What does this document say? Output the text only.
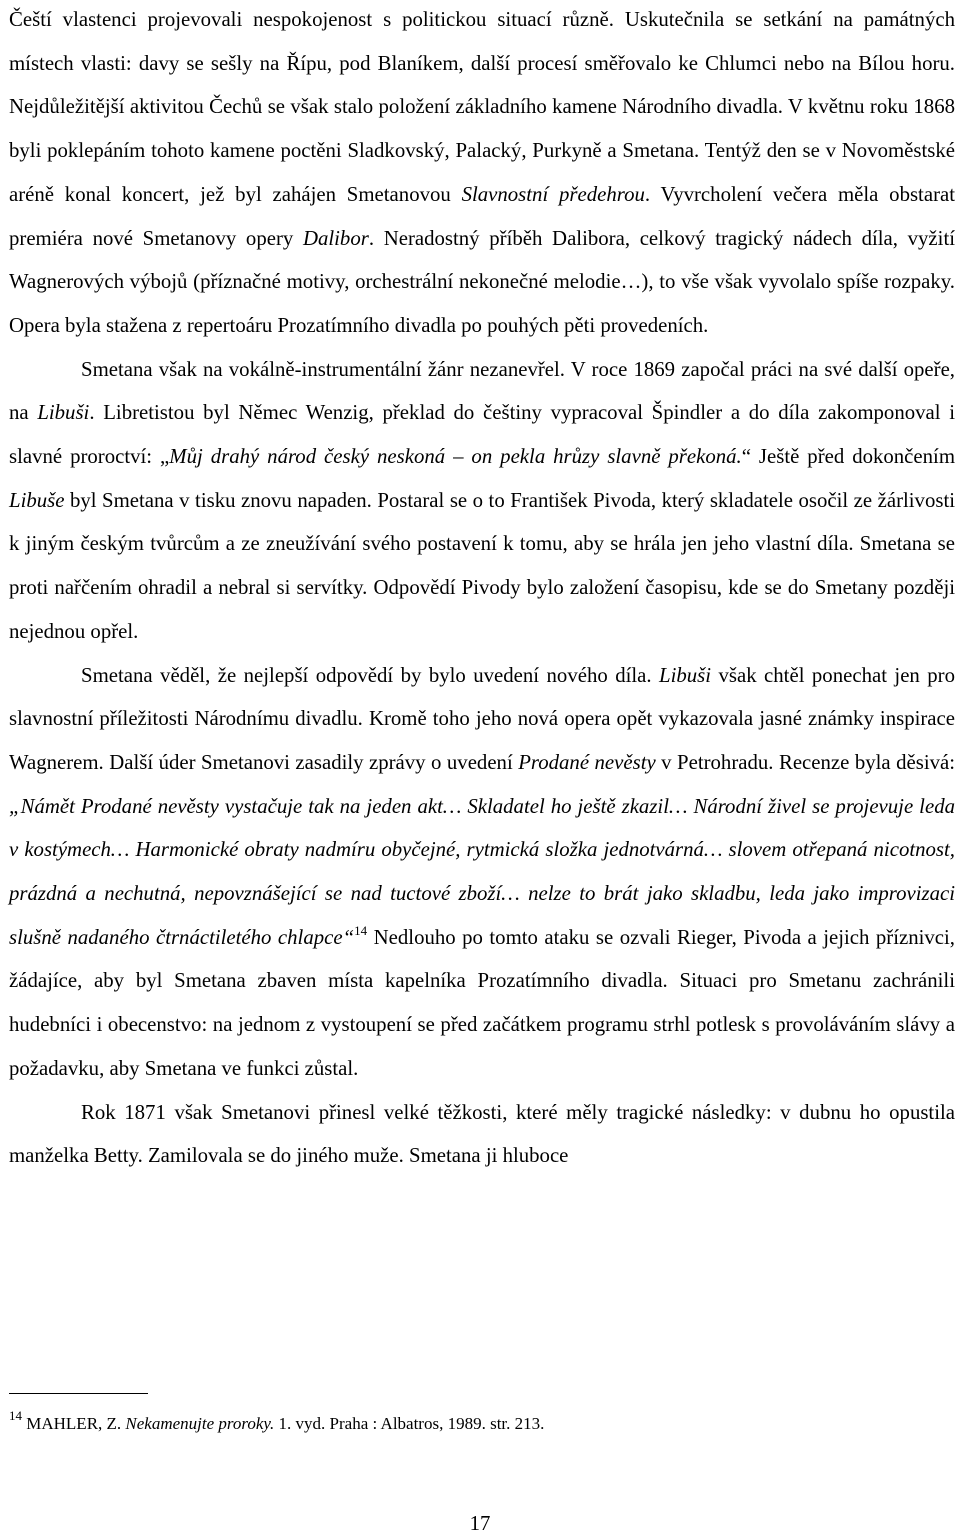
Čeští vlastenci projevovali nespokojenost s politickou situací různě. Uskutečnila se setkání na památných místech vlasti: davy se sešly na Řípu, pod Blaníkem, další procesí směřovalo ke Chlumci nebo na Bílou horu. Nejdůležitější aktivitou Čechů se však stalo položení základního kamene Národního divadla. V květnu roku 1868 byli poklepáním tohoto kamene poctěni Sladkovský, Palacký, Purkyně a Smetana. Tentýž den se v Novoměstské aréně konal koncert, jež byl zahájen Smetanovou Slavnostní předehrou. Vyvrcholení večera měla obstarat premiéra nové Smetanovy opery Dalibor. Neradostný příběh Dalibora, celkový tragický nádech díla, vyžití Wagnerových výbojů (příznačné motivy, orchestrální nekonečné melodie…), to vše však vyvolalo spíše rozpaky. Opera byla stažena z repertoáru Prozatímního divadla po pouhých pěti provedeních.

Smetana však na vokálně-instrumentální žánr nezanevřel. V roce 1869 započal práci na své další opeře, na Libuši. Libretistou byl Němec Wenzig, překlad do češtiny vypracoval Špindler a do díla zakomponoval i slavné proroctví: „Můj drahý národ český neskoná – on pekla hrůzy slavně překoná.“ Ještě před dokončením Libuše byl Smetana v tisku znovu napaden. Postaral se o to František Pivoda, který skladatele osočil ze žárlivosti k jiným českým tvůrcům a ze zneužívání svého postavení k tomu, aby se hrála jen jeho vlastní díla. Smetana se proti nařčením ohradil a nebral si servítky. Odpovědí Pivody bylo založení časopisu, kde se do Smetany později nejednou opřel.

Smetana věděl, že nejlepší odpovědí by bylo uvedení nového díla. Libuši však chtěl ponechat jen pro slavnostní příležitosti Národnímu divadlu. Kromě toho jeho nová opera opět vykazovala jasné známky inspirace Wagnerem. Další úder Smetanovi zasadily zprávy o uvedení Prodané nevěsty v Petrohradu. Recenze byla děsivá: „Námět Prodané nevěsty vystačuje tak na jeden akt… Skladatel ho ještě zkazil… Národní živel se projevuje leda v kostýmech… Harmonické obraty nadmíru obyčejné, rytmická složka jednotvárná… slovem otřepaná nicotnost, prázdná a nechutná, nepovznášející se nad tuctové zboží… nelze to brát jako skladbu, leda jako improvizaci slušně nadaného čtrnáctiletého chlapce“$^{14}$ Nedlouho po tomto ataku se ozvali Rieger, Pivoda a jejich příznivci, žádajíce, aby byl Smetana zbaven místa kapelníka Prozatímního divadla. Situaci pro Smetanu zachránili hudebníci i obecenstvo: na jednom z vystoupení se před začátkem programu strhl potlesk s provoláváním slávy a požadavku, aby Smetana ve funkci zůstal.

Rok 1871 však Smetanovi přinesl velké těžkosti, které měly tragické následky: v dubnu ho opustila manželka Betty. Zamilovala se do jiného muže. Smetana ji hluboce

$^{14}$ MAHLER, Z. Nekamenujte proroky. 1. vyd. Praha : Albatros, 1989. str. 213.
17
